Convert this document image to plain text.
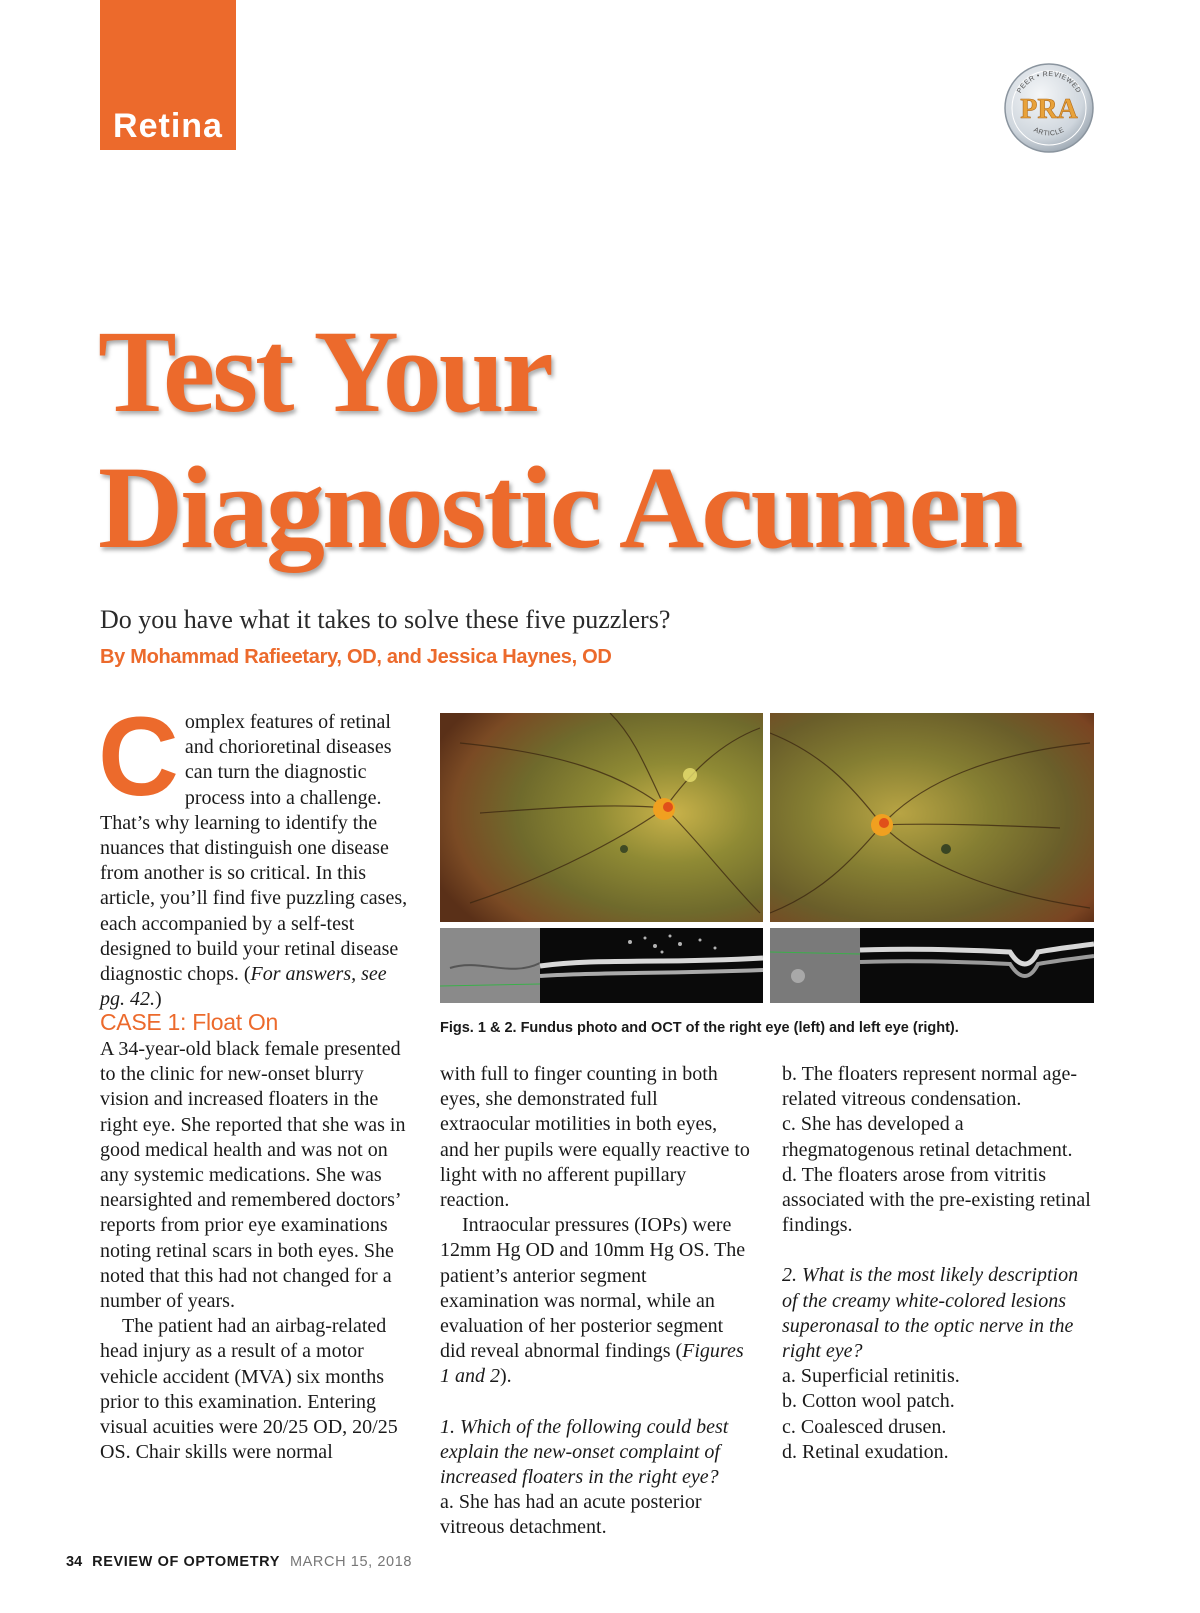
Retina
PEER • REVIEWED
ARTICLE
PRA
Test Your
Diagnostic Acumen
Do you have what it takes to solve these five puzzlers?
By Mohammad Rafieetary, OD, and Jessica Haynes, OD
Complex features of retinal and chorioretinal diseases can turn the diagnostic process into a challenge. That’s why learning to identify the nuances that distinguish one disease from another is so critical. In this article, you’ll find five puzzling cases, each accompanied by a self-test designed to build your retinal disease diagnostic chops. (For answers, see pg. 42.)
Figs. 1 & 2. Fundus photo and OCT of the right eye (left) and left eye (right).
CASE 1: Float On

A 34-year-old black female presented to the clinic for new-onset blurry vision and increased floaters in the right eye. She reported that she was in good medical health and was not on any systemic medications. She was nearsighted and remembered doctors’ reports from prior eye examinations noting retinal scars in both eyes. She noted that this had not changed for a number of years.

The patient had an airbag-related head injury as a result of a motor vehicle accident (MVA) six months prior to this examination. Entering visual acuities were 20/25 OD, 20/25 OS. Chair skills were normal

with full to finger counting in both eyes, she demonstrated full extraocular motilities in both eyes, and her pupils were equally reactive to light with no afferent pupillary reaction.

Intraocular pressures (IOPs) were 12mm Hg OD and 10mm Hg OS. The patient’s anterior segment examination was normal, while an evaluation of her posterior segment did reveal abnormal findings (Figures 1 and 2).

1. Which of the following could best explain the new-onset complaint of increased floaters in the right eye?

a. She has had an acute posterior vitreous detachment.

b. The floaters represent normal age-related vitreous condensation.

c. She has developed a rhegmatogenous retinal detachment.

d. The floaters arose from vitritis associated with the pre-existing retinal findings.

2. What is the most likely description of the creamy white-colored lesions superonasal to the optic nerve in the right eye?

a. Superficial retinitis.

b. Cotton wool patch.

c. Coalesced drusen.

d. Retinal exudation.

34 REVIEW OF OPTOMETRY MARCH 15, 2018
